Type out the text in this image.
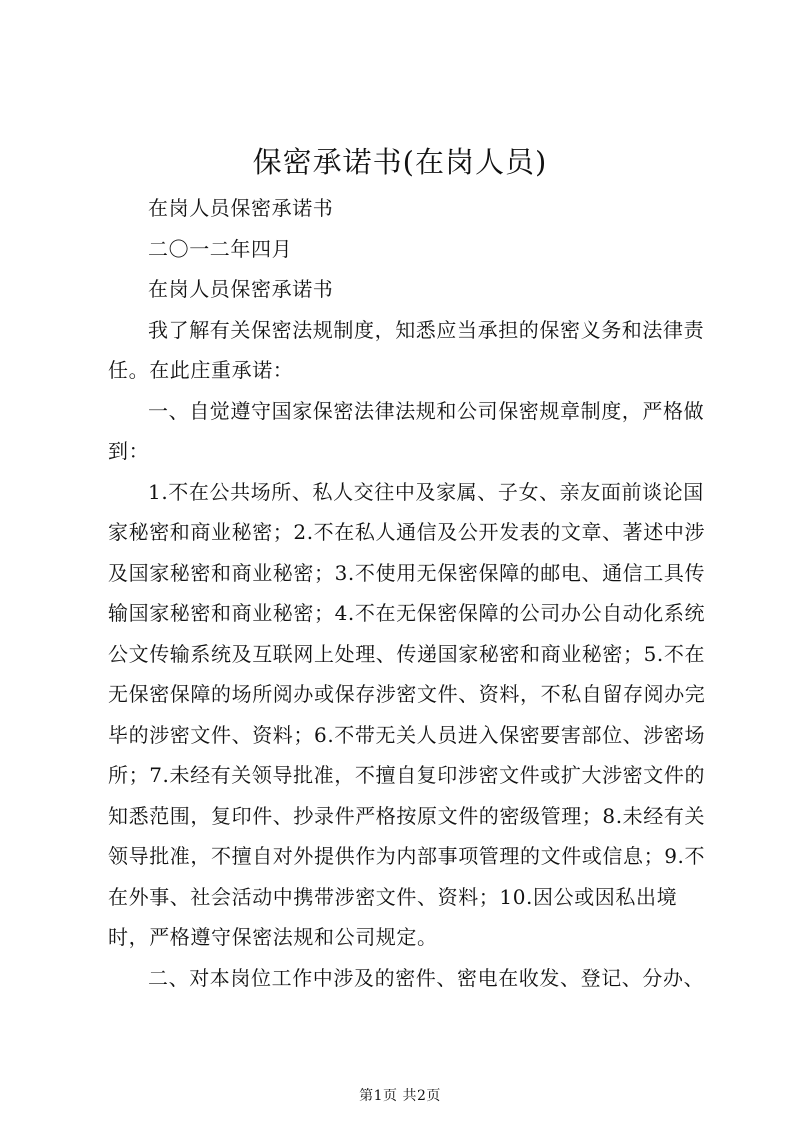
保密承诺书(在岗人员)

在岗人员保密承诺书

二〇一二年四月

在岗人员保密承诺书

我了解有关保密法规制度，知悉应当承担的保密义务和法律责任。在此庄重承诺：

一、自觉遵守国家保密法律法规和公司保密规章制度，严格做到：

1.不在公共场所、私人交往中及家属、子女、亲友面前谈论国家秘密和商业秘密；2.不在私人通信及公开发表的文章、著述中涉及国家秘密和商业秘密；3.不使用无保密保障的邮电、通信工具传输国家秘密和商业秘密；4.不在无保密保障的公司办公自动化系统公文传输系统及互联网上处理、传递国家秘密和商业秘密；5.不在无保密保障的场所阅办或保存涉密文件、资料，不私自留存阅办完毕的涉密文件、资料；6.不带无关人员进入保密要害部位、涉密场所；7.未经有关领导批准，不擅自复印涉密文件或扩大涉密文件的知悉范围，复印件、抄录件严格按原文件的密级管理；8.未经有关领导批准，不擅自对外提供作为内部事项管理的文件或信息；9.不在外事、社会活动中携带涉密文件、资料；10.因公或因私出境时，严格遵守保密法规和公司规定。

二、对本岗位工作中涉及的密件、密电在收发、登记、分办、

第1页 共2页
